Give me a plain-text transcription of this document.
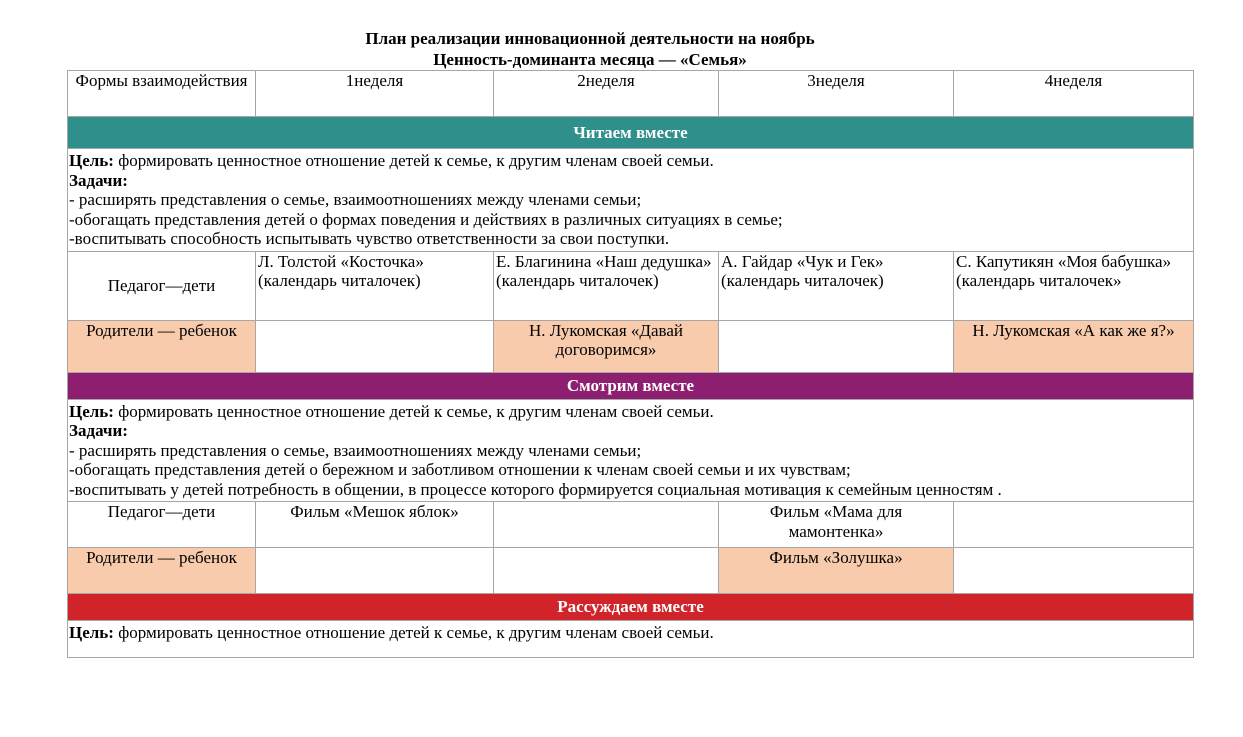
План реализации инновационной деятельности на ноябрь
Ценность-доминанта месяца — «Семья»
Формы взаимодействия	1неделя	2неделя	3неделя	4неделя
Читаем вместе				

Цель: формировать ценностное отношение детей к семье, к другим членам своей семьи.
Задачи:
- расширять представления о семье, взаимоотношениях между членами семьи;
-обогащать представления детей о формах поведения и действиях в различных ситуациях в семье;
-воспитывать способность испытывать чувство ответственности за свои поступки.				

Педагог—дети	Л. Толстой «Косточка» (календарь читалочек)	Е. Благинина «Наш дедушка» (календарь читалочек)	А. Гайдар «Чук и Гек» (календарь читалочек)	С. Капутикян «Моя бабушка» (календарь читалочек»
Родители — ребенок		Н. Лукомская «Давай договоримся»		Н. Лукомская «А как же я?»
Смотрим вместе				

Цель: формировать ценностное отношение детей к семье, к другим членам своей семьи.
Задачи:
- расширять представления о семье, взаимоотношениях между членами семьи;
-обогащать представления детей о бережном и заботливом отношении к членам своей семьи и их чувствам;
-воспитывать у детей потребность в общении, в процессе которого формируется социальная мотивация к семейным ценностям .				

Педагог—дети	Фильм «Мешок яблок»		Фильм «Мама для мамонтенка»	
Родители — ребенок			Фильм «Золушка»	
Рассуждаем вместе				

Цель: формировать ценностное отношение детей к семье, к другим членам своей семьи.				
